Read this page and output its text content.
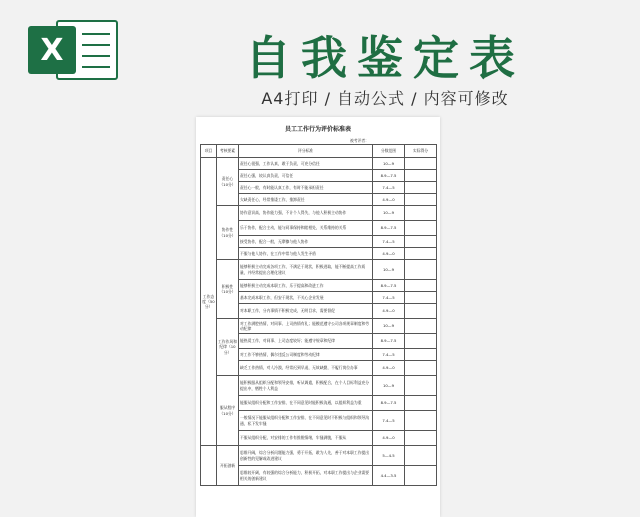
X	自我鉴定表
A4打印 / 自动公式 / 内容可修改
员工工作行为评价标准表
被考评者：
项目	考核要素	评分标准	分数范围	实际得分
工作态度（50分）	责任心（10分）	责任心很强，工作认真，敢于负责，可充分信任	10—9	
		责任心强，较认真负责，可信任	8.9—7.5	
		责任心一般，有时能认真工作，有时不能承担责任	7.4—5	
		欠缺责任心，经常推诿工作，推卸责任	4.9—0	
	协作性（10分）	协作意识高，协作能力强，不计个人得失，与他人积极主动协作	10—9	
		乐于协作，配合主动，能与同事保持和睦相处，关系维持的关系	8.9—7.5	
		接受协作，配合一般，无摩擦与他人协作	7.4—5	
		不服与他人协作，在工作中常与他人发生矛盾	4.9—0	
	积极性（10分）	能够积极主动完成各项工作，不满足于现状，积极进取，能不断提高工作质量，并经常提出合理化建议	10—9	
		能够积极主动完成本职工作，乐于提高和改进工作	8.9—7.5	
		基本完成本职工作，但安于现状，不关心企业发展	7.4—5	
		对本职工作，分内事情不积极完成，无明目求，需要督促	4.9—0	
	工作作风和纪律（10分）	对工作满腔热情，对同事、上司热情有礼；能模范遵守公司各项规章制度和劳动纪律	10—9	
		能热爱工作，对同事、上司态度较好；能遵守规章和纪律	8.9—7.5	
		对工作不够热情，偶尔违反公司制度和劳动纪律	7.4—5	
		缺乏工作热情，对人冷漠，经常迟到早退，无故缺勤，不履行岗位办事	4.9—0	
	服从程序（10分）	能积极服从组织分配和领导安排，听从调遣，积极配合，在个人目标利益充分提出中，牺牲个人利益	10—9	
		能服从组织分配和工作安排，在不同意见时能积极沟通，以组织利益为重	8.9—7.5	
		一般情况下能服从组织分配和工作安排，在不同意见时不积极与组织和领导沟通，私下发牢骚	7.4—5	
		不服从组织分配，对安排的工作有推脱情绪，牢骚满腹，不服从	4.9—0	
	开拓创新	思维开阔，综合分析问题能力强，勇于开拓，敢为人先，善于对本职工作提出创新性的见解或改进建议	5—4.5	
		思维较开阔，有较强的综合分析能力，积极开拓，对本职工作提出与企业需要相关的创新建议	4.4—3.5	
